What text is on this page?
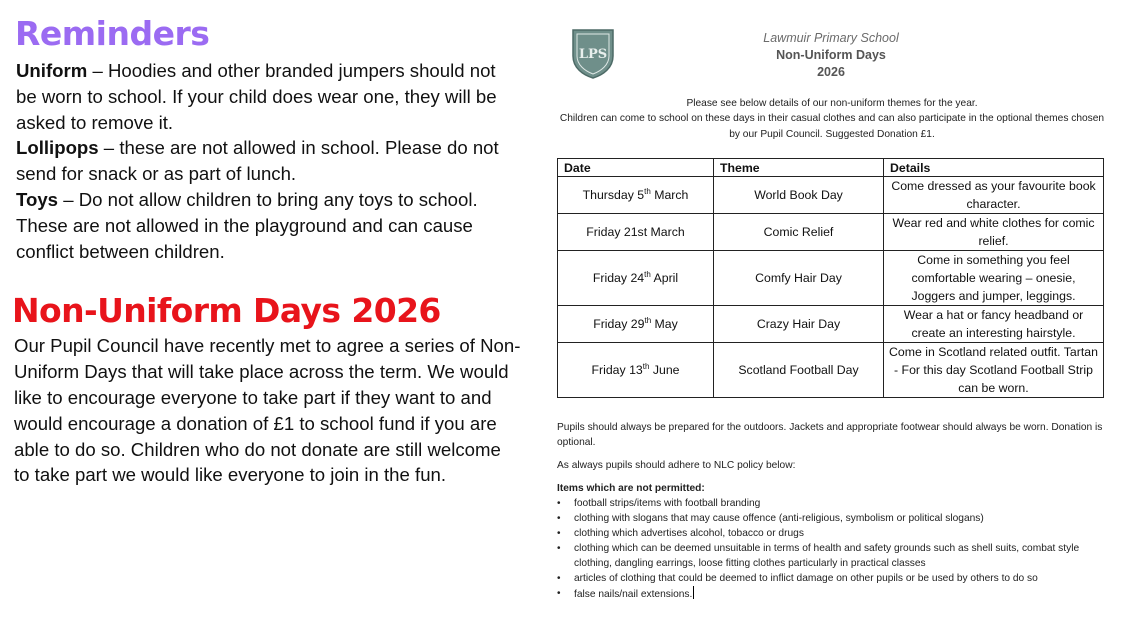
Reminders

Uniform – Hoodies and other branded jumpers should not be worn to school. If your child does wear one, they will be asked to remove it.

Lollipops – these are not allowed in school. Please do not send for snack or as part of lunch.

Toys – Do not allow children to bring any toys to school. These are not allowed in the playground and can cause conflict between children.

Non-Uniform Days 2026

Our Pupil Council have recently met to agree a series of Non-Uniform Days that will take place across the term. We would like to encourage everyone to take part if they want to and would encourage a donation of £1 to school fund if you are able to do so. Children who do not donate are still welcome to take part we would like everyone to join in the fun.

LPS
Lawmuir Primary School
Non-Uniform Days
2026
Please see below details of our non-uniform themes for the year.
Children can come to school on these days in their casual clothes and can also participate in the optional themes chosen by our Pupil Council. Suggested Donation £1.
Date	Theme	Details
Thursday 5th March	World Book Day	Come dressed as your favourite book character.
Friday 21st March	Comic Relief	Wear red and white clothes for comic relief.
Friday 24th April	Comfy Hair Day	Come in something you feel comfortable wearing – onesie, Joggers and jumper, leggings.
Friday 29th May	Crazy Hair Day	Wear a hat or fancy headband or create an interesting hairstyle.
Friday 13th June	Scotland Football Day	Come in Scotland related outfit. Tartan - For this day Scotland Football Strip can be worn.

Pupils should always be prepared for the outdoors. Jackets and appropriate footwear should always be worn. Donation is optional.

As always pupils should adhere to NLC policy below:

Items which are not permitted:
• football strips/items with football branding
• clothing with slogans that may cause offence (anti-religious, symbolism or political slogans)
• clothing which advertises alcohol, tobacco or drugs
• clothing which can be deemed unsuitable in terms of health and safety grounds such as shell suits, combat style clothing, dangling earrings, loose fitting clothes particularly in practical classes
• articles of clothing that could be deemed to inflict damage on other pupils or be used by others to do so
• false nails/nail extensions.
